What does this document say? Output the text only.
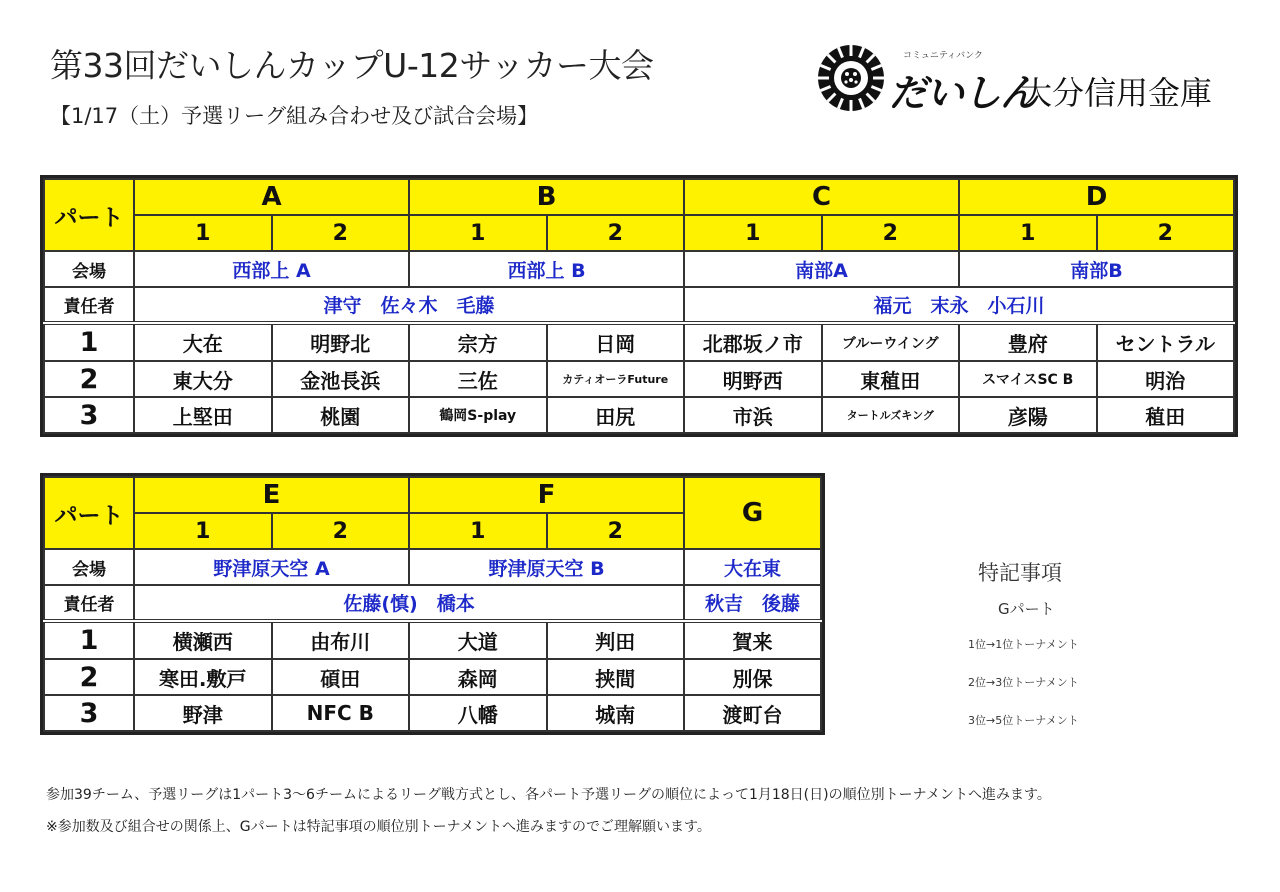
第33回だいしんカップU-12サッカー大会
【1/17（土）予選リーグ組み合わせ及び試合会場】
コミュニティバンク
だいしん
大分信用金庫
パート	A		B		C		D	
	1	2	1	2	1	2	1	2
会場	西部上 A		西部上 B		南部A		南部B	
責任者	津守　佐々木　毛藤				福元　末永　小石川			
1	大在	明野北	宗方	日岡	北郡坂ノ市	ブルーウイング	豊府	セントラル
2	東大分	金池長浜	三佐	カティオーラFuture	明野西	東稙田	スマイスSC B	明治
3	上堅田	桃園	鶴岡S-play	田尻	市浜	タートルズキング	彦陽	稙田
パート	E		F		G
	1	2	1	2	
会場	野津原天空 A		野津原天空 B		大在東
責任者	佐藤(慎)　橋本				秋吉　後藤
1	横瀬西	由布川	大道	判田	賀来
2	寒田.敷戸	碩田	森岡	挟間	別保
3	野津	NFC B	八幡	城南	渡町台
特記事項
Gパート
1位→1位トーナメント
2位→3位トーナメント
3位→5位トーナメント
参加39チーム、予選リーグは1パート3～6チームによるリーグ戦方式とし、各パート予選リーグの順位によって1月18日(日)の順位別トーナメントへ進みます。
※参加数及び組合せの関係上、Gパートは特記事項の順位別トーナメントへ進みますのでご理解願います。
